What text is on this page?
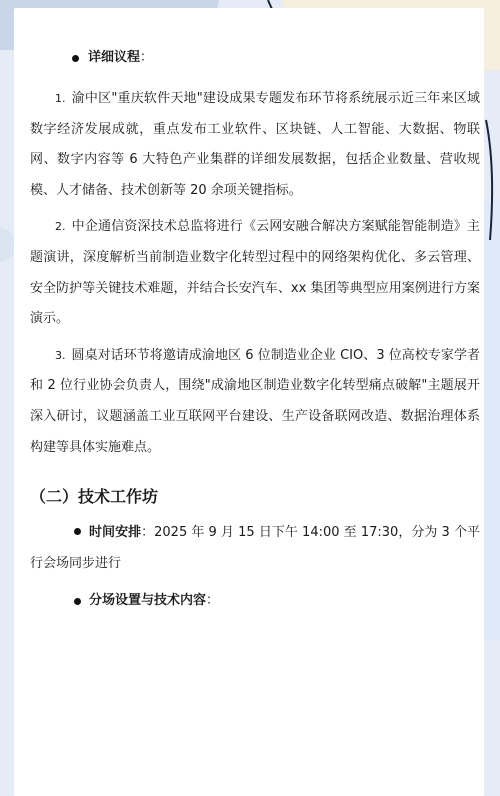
详细议程 ：

1. 渝中区"重庆软件天地"建设成果专题发布环节将系统展示近三年来区域数字经济发展成就，重点发布工业软件、区块链、人工智能、大数据、物联网、数字内容等 6 大特色产业集群的详细发展数据，包括企业数量、营收规模、人才储备、技术创新等 20 余项关键指标。

2. 中企通信资深技术总监将进行《云网安融合解决方案赋能智能制造》主题演讲，深度解析当前制造业数字化转型过程中的网络架构优化、多云管理、安全防护等关键技术难题，并结合长安汽车、xx 集团等典型应用案例进行方案演示。

3. 圆桌对话环节将邀请成渝地区 6 位制造业企业 CIO、3 位高校专家学者和 2 位行业协会负责人，围绕"成渝地区制造业数字化转型痛点破解"主题展开深入研讨，议题涵盖工业互联网平台建设、生产设备联网改造、数据治理体系构建等具体实施难点。

（二）技术工作坊

时间安排：2025 年 9 月 15 日下午 14:00 至 17:30，分为 3 个平行会场同步进行

分场设置与技术内容 ：
